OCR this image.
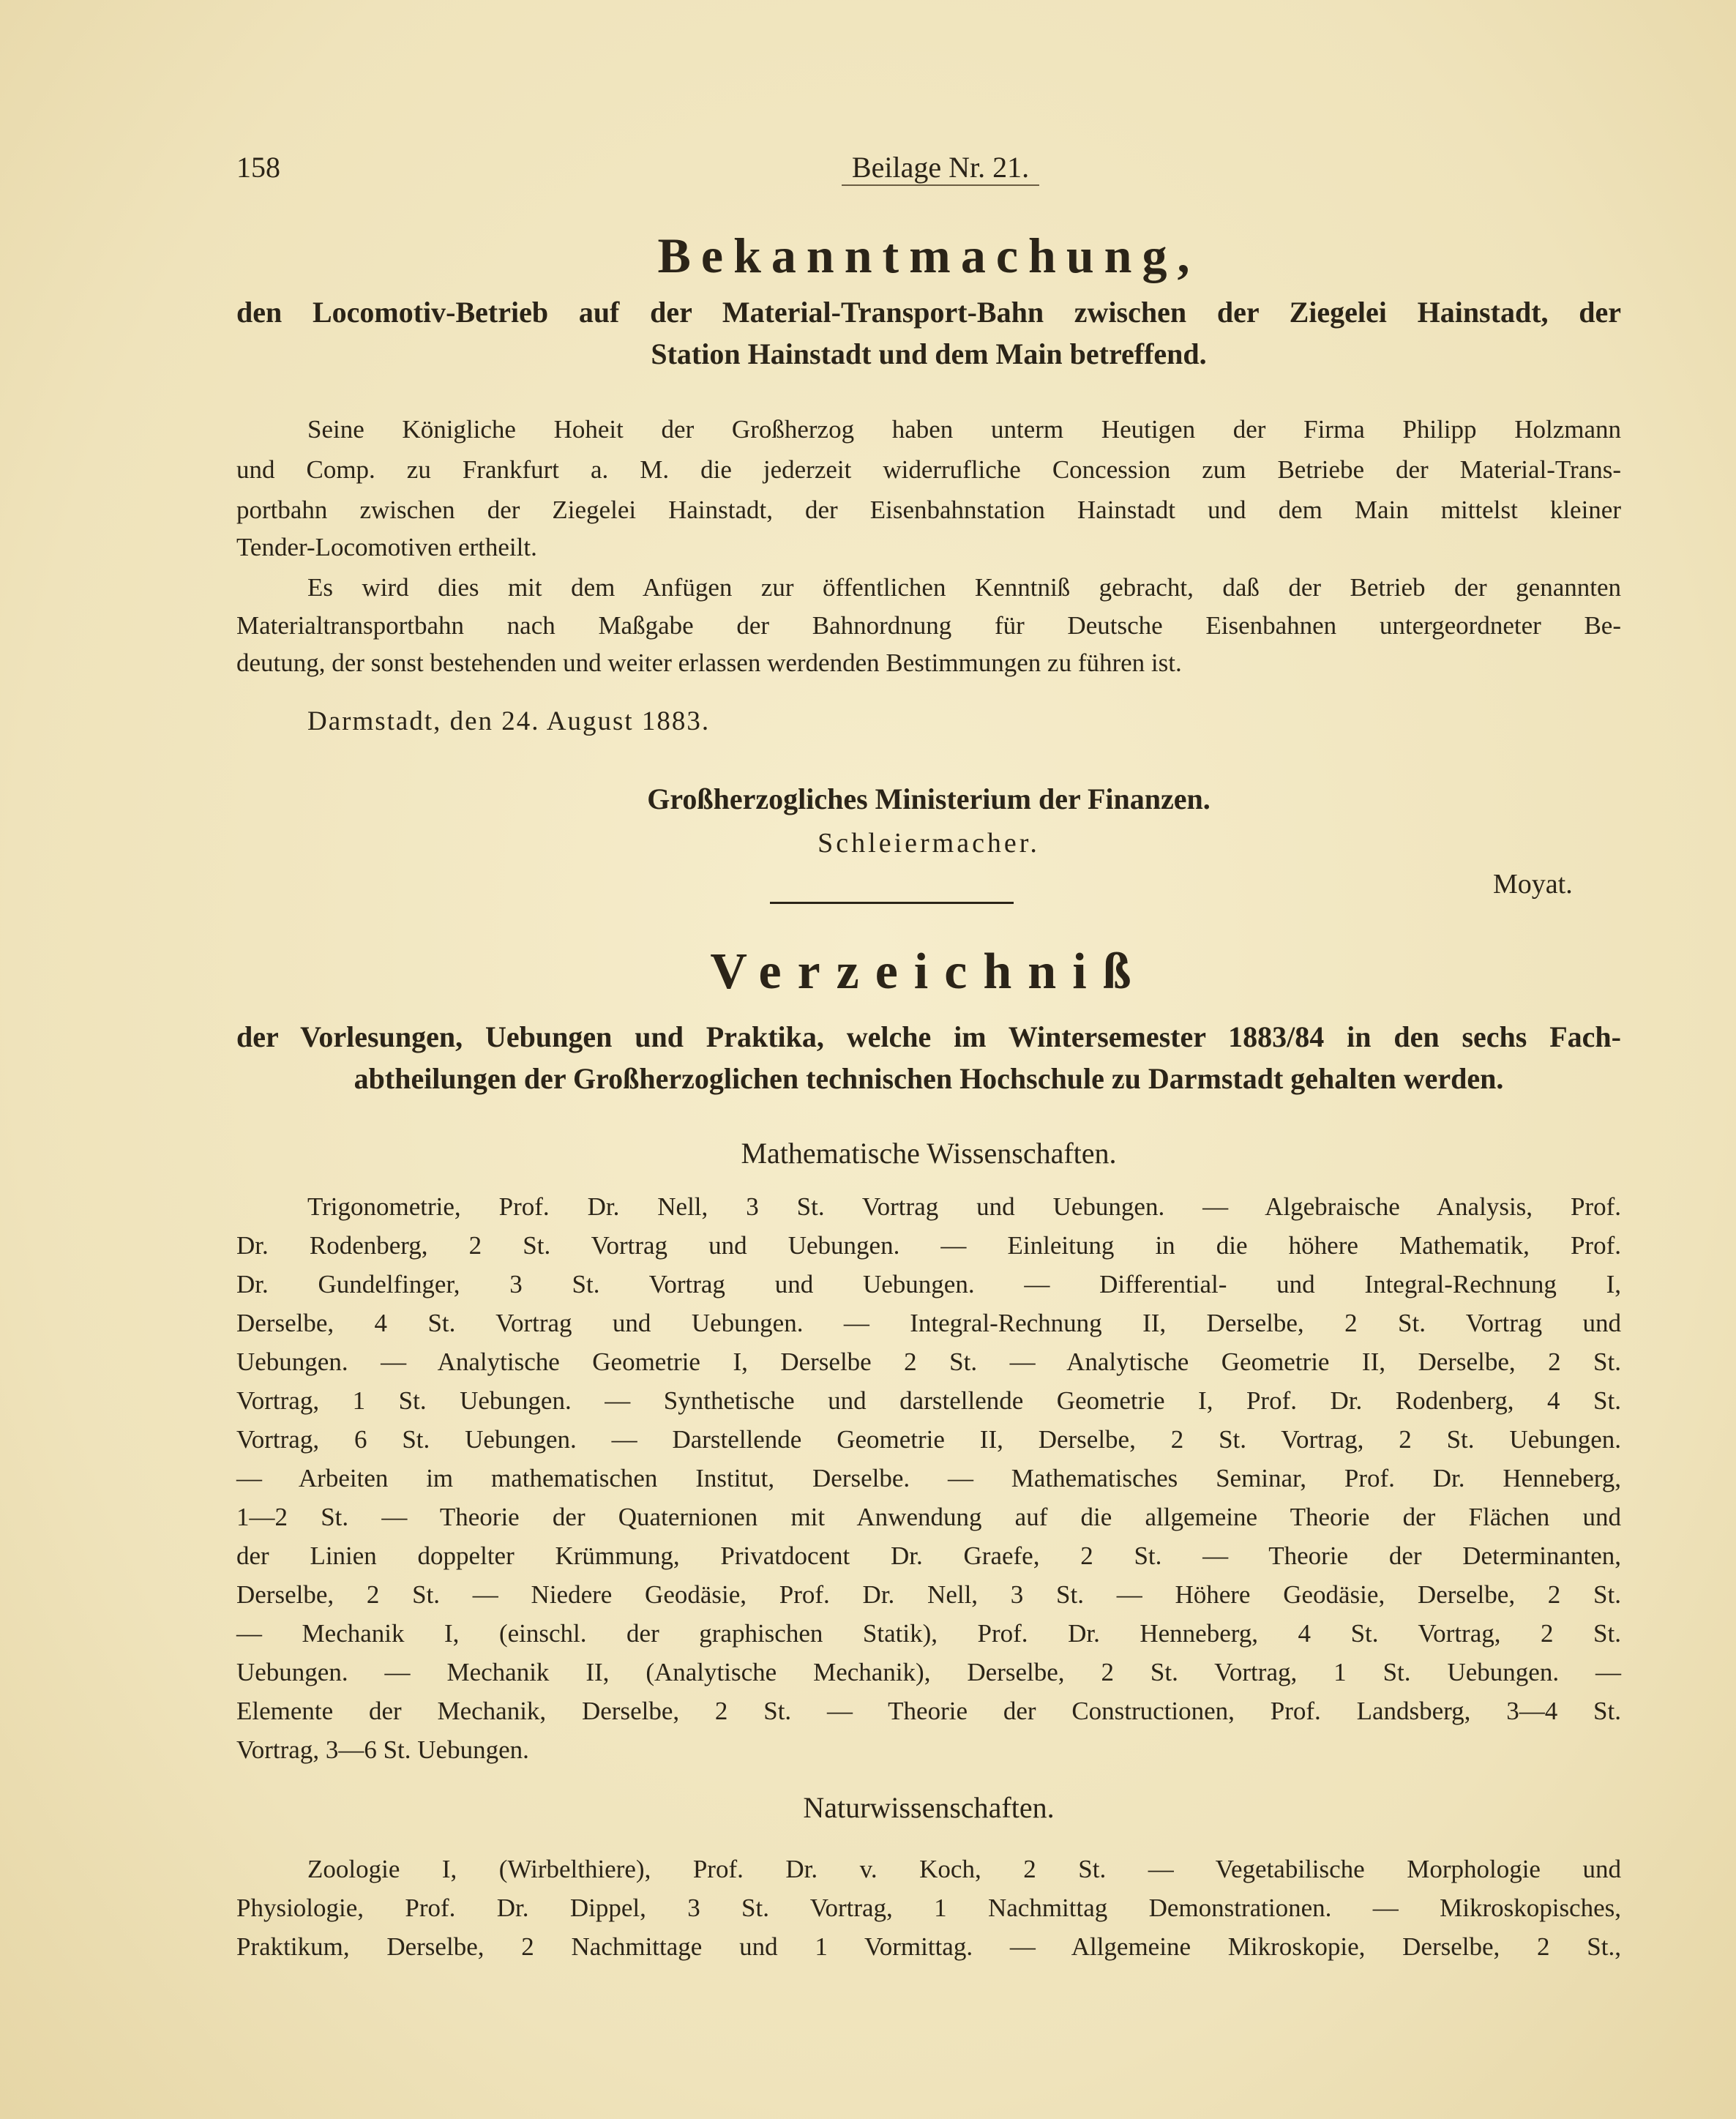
158	Beilage Nr. 21.
Bekanntmachung,
den Locomotiv-Betrieb auf der Material-Transport-Bahn zwischen der Ziegelei Hainstadt, der
Station Hainstadt und dem Main betreffend.
Seine Königliche Hoheit der Großherzog haben unterm Heutigen der Firma Philipp Holzmann
und Comp. zu Frankfurt a. M. die jederzeit widerrufliche Concession zum Betriebe der Material-Trans-
portbahn zwischen der Ziegelei Hainstadt, der Eisenbahnstation Hainstadt und dem Main mittelst kleiner
Tender-Locomotiven ertheilt.
Es wird dies mit dem Anfügen zur öffentlichen Kenntniß gebracht, daß der Betrieb der genannten
Materialtransportbahn nach Maßgabe der Bahnordnung für Deutsche Eisenbahnen untergeordneter Be-
deutung, der sonst bestehenden und weiter erlassen werdenden Bestimmungen zu führen ist.
Darmstadt, den 24. August 1883.
Großherzogliches Ministerium der Finanzen.
Schleiermacher.
Moyat.
Verzeichniß
der Vorlesungen, Uebungen und Praktika, welche im Wintersemester 1883/84 in den sechs Fach-
abtheilungen der Großherzoglichen technischen Hochschule zu Darmstadt gehalten werden.
Mathematische Wissenschaften.
Trigonometrie, Prof. Dr. Nell, 3 St. Vortrag und Uebungen. — Algebraische Analysis, Prof.
Dr. Rodenberg, 2 St. Vortrag und Uebungen. — Einleitung in die höhere Mathematik, Prof.
Dr. Gundelfinger, 3 St. Vortrag und Uebungen. — Differential- und Integral-Rechnung I,
Derselbe, 4 St. Vortrag und Uebungen. — Integral-Rechnung II, Derselbe, 2 St. Vortrag und
Uebungen. — Analytische Geometrie I, Derselbe 2 St. — Analytische Geometrie II, Derselbe, 2 St.
Vortrag, 1 St. Uebungen. — Synthetische und darstellende Geometrie I, Prof. Dr. Rodenberg, 4 St.
Vortrag, 6 St. Uebungen. — Darstellende Geometrie II, Derselbe, 2 St. Vortrag, 2 St. Uebungen.
— Arbeiten im mathematischen Institut, Derselbe. — Mathematisches Seminar, Prof. Dr. Henneberg,
1—2 St. — Theorie der Quaternionen mit Anwendung auf die allgemeine Theorie der Flächen und
der Linien doppelter Krümmung, Privatdocent Dr. Graefe, 2 St. — Theorie der Determinanten,
Derselbe, 2 St. — Niedere Geodäsie, Prof. Dr. Nell, 3 St. — Höhere Geodäsie, Derselbe, 2 St.
— Mechanik I, (einschl. der graphischen Statik), Prof. Dr. Henneberg, 4 St. Vortrag, 2 St.
Uebungen. — Mechanik II, (Analytische Mechanik), Derselbe, 2 St. Vortrag, 1 St. Uebungen. —
Elemente der Mechanik, Derselbe, 2 St. — Theorie der Constructionen, Prof. Landsberg, 3—4 St.
Vortrag, 3—6 St. Uebungen.
Naturwissenschaften.
Zoologie I, (Wirbelthiere), Prof. Dr. v. Koch, 2 St. — Vegetabilische Morphologie und
Physiologie, Prof. Dr. Dippel, 3 St. Vortrag, 1 Nachmittag Demonstrationen. — Mikroskopisches,
Praktikum, Derselbe, 2 Nachmittage und 1 Vormittag. — Allgemeine Mikroskopie, Derselbe, 2 St.,
